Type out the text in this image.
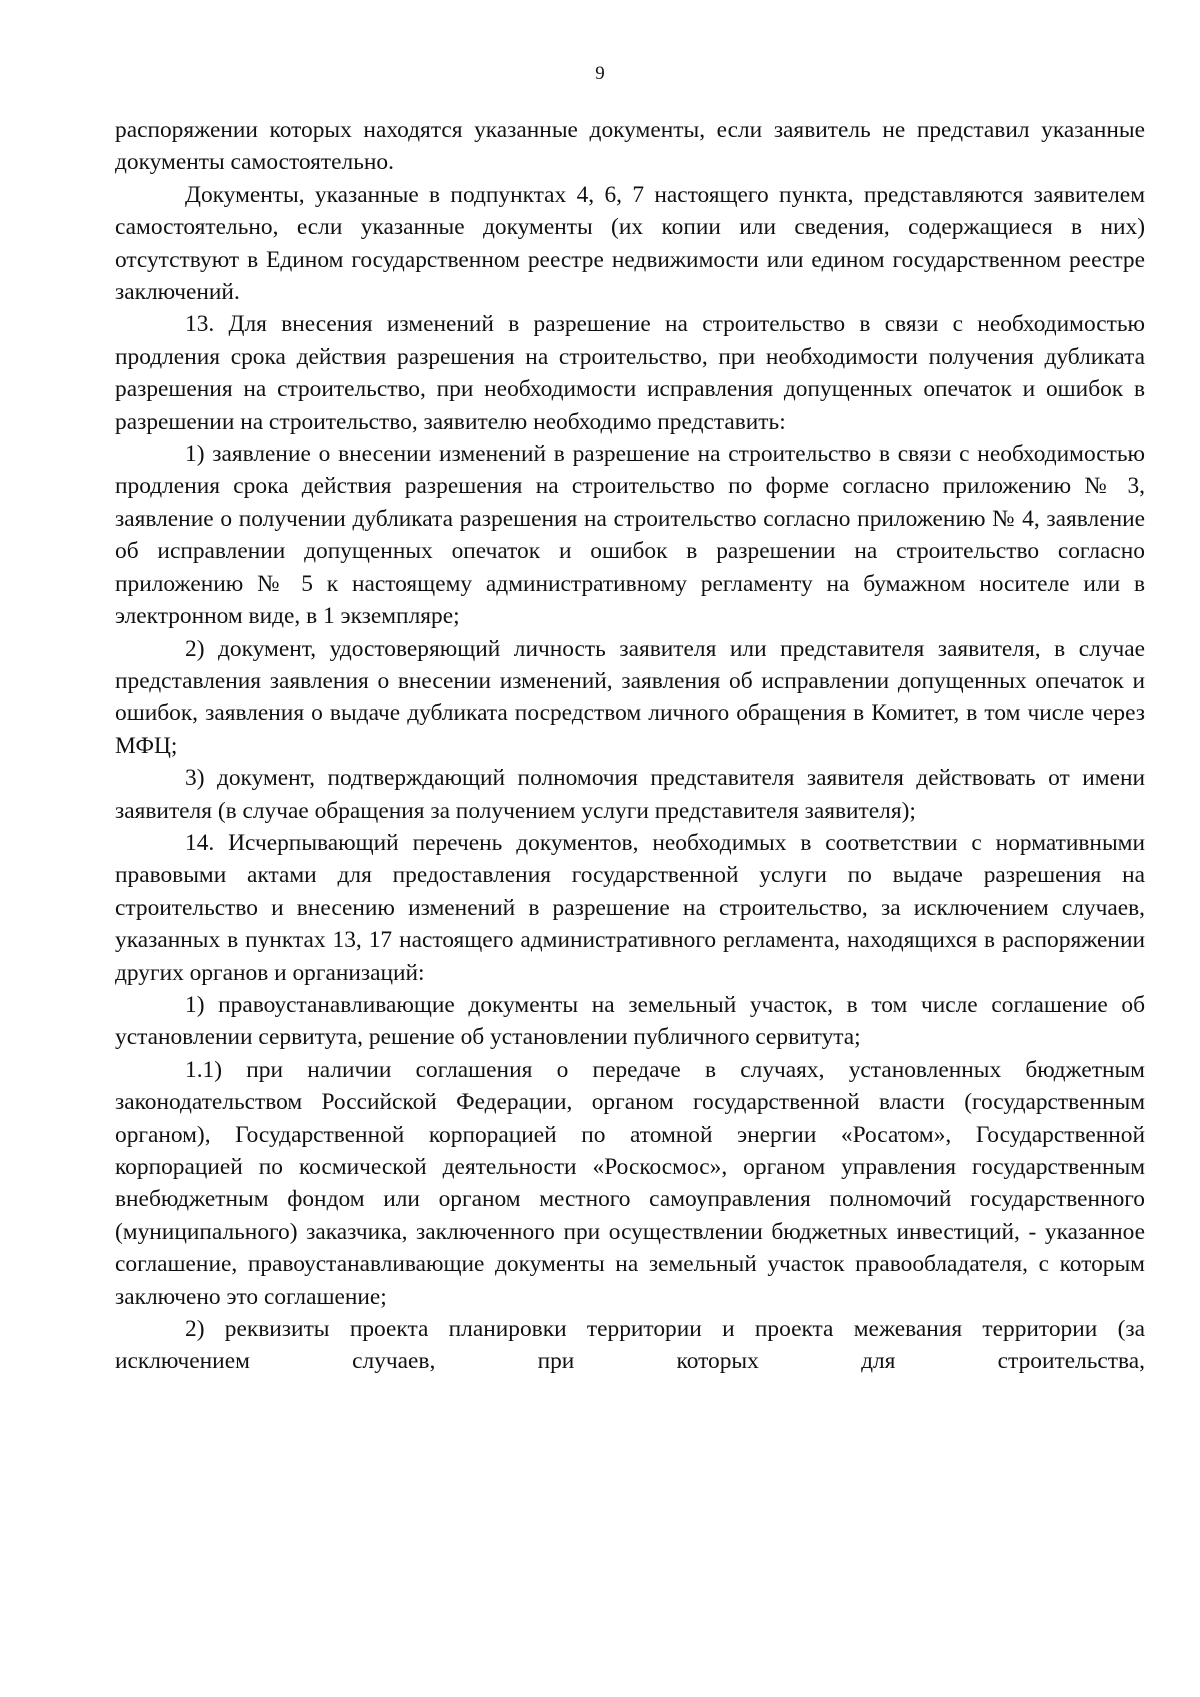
9

распоряжении которых находятся указанные документы, если заявитель не представил указанные документы самостоятельно.

Документы, указанные в подпунктах 4, 6, 7 настоящего пункта, представляются заявителем самостоятельно, если указанные документы (их копии или сведения, содержащиеся в них) отсутствуют в Едином государственном реестре недвижимости или едином государственном реестре заключений.

13. Для внесения изменений в разрешение на строительство в связи с необходимостью продления срока действия разрешения на строительство, при необходимости получения дубликата разрешения на строительство, при необходимости исправления допущенных опечаток и ошибок в разрешении на строительство, заявителю необходимо представить:

1) заявление о внесении изменений в разрешение на строительство в связи с необходимостью продления срока действия разрешения на строительство по форме согласно приложению № 3, заявление о получении дубликата разрешения на строительство согласно приложению № 4, заявление об исправлении допущенных опечаток и ошибок в разрешении на строительство согласно приложению № 5 к настоящему административному регламенту на бумажном носителе или в электронном виде, в 1 экземпляре;

2) документ, удостоверяющий личность заявителя или представителя заявителя, в случае представления заявления о внесении изменений, заявления об исправлении допущенных опечаток и ошибок, заявления о выдаче дубликата посредством личного обращения в Комитет, в том числе через МФЦ;

3) документ, подтверждающий полномочия представителя заявителя действовать от имени заявителя (в случае обращения за получением услуги представителя заявителя);

14. Исчерпывающий перечень документов, необходимых в соответствии с нормативными правовыми актами для предоставления государственной услуги по выдаче разрешения на строительство и внесению изменений в разрешение на строительство, за исключением случаев, указанных в пунктах 13, 17 настоящего административного регламента, находящихся в распоряжении других органов и организаций:

1) правоустанавливающие документы на земельный участок, в том числе соглашение об установлении сервитута, решение об установлении публичного сервитута;

1.1) при наличии соглашения о передаче в случаях, установленных бюджетным законодательством Российской Федерации, органом государственной власти (государственным органом), Государственной корпорацией по атомной энергии «Росатом», Государственной корпорацией по космической деятельности «Роскосмос», органом управления государственным внебюджетным фондом или органом местного самоуправления полномочий государственного (муниципального) заказчика, заключенного при осуществлении бюджетных инвестиций, - указанное соглашение, правоустанавливающие документы на земельный участок правообладателя, с которым заключено это соглашение;

2) реквизиты проекта планировки территории и проекта межевания территории (за исключением случаев, при которых для строительства,
